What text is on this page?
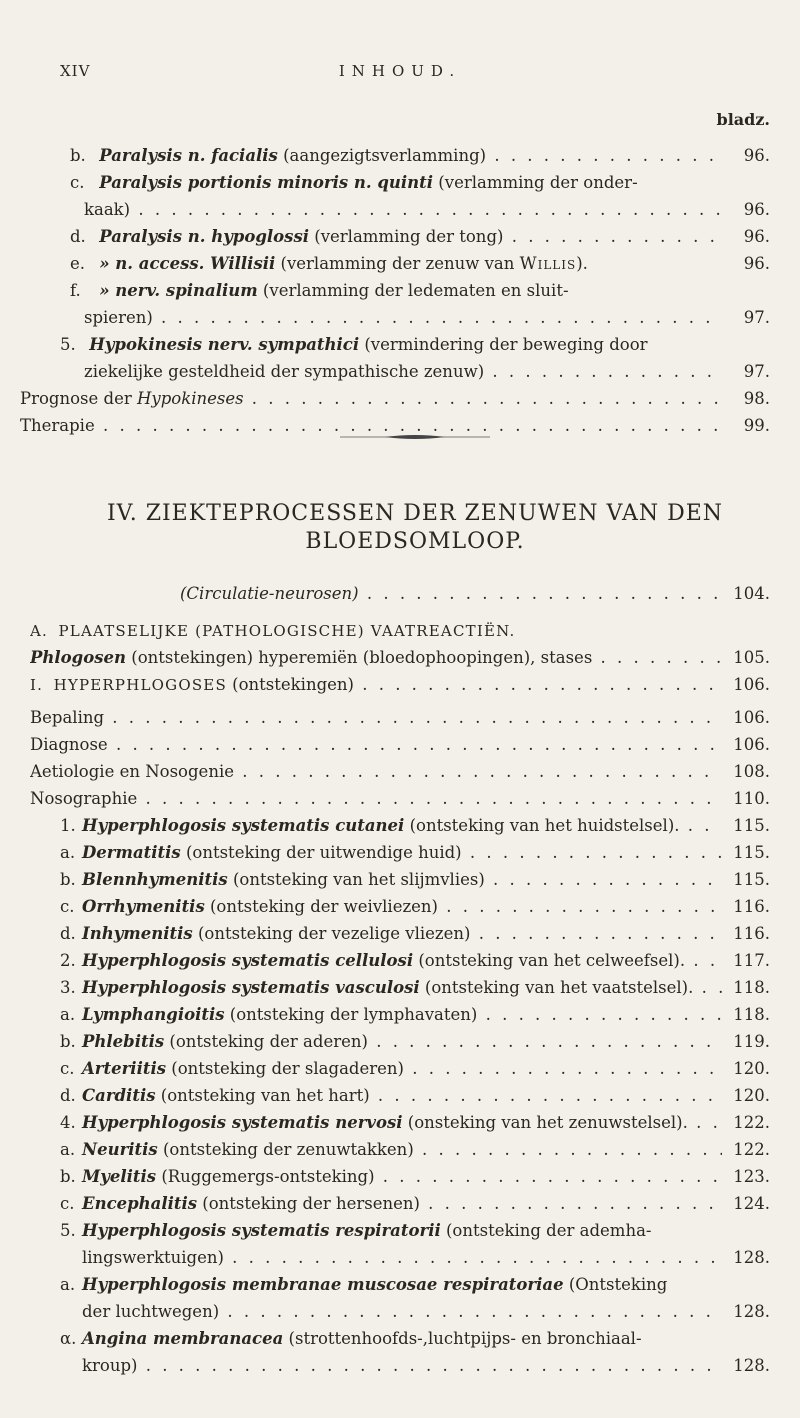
XIV	INHOUD.
bladz.
b. Paralysis n. facialis (aangezigtsverlamming) . . .	96.
c. Paralysis portionis minoris n. quinti (verlamming der onder-
kaak) . . .	96.
d. Paralysis n. hypoglossi (verlamming der tong) . . .	96.
e. » n. access. Willisii (verlamming der zenuw van Willis).	96.
f. » nerv. spinalium (verlamming der ledematen en sluit-
spieren) . . .	97.
5. Hypokinesis nerv. sympathici (vermindering der beweging door
ziekelijke gesteldheid der sympathische zenuw) . . .	97.
Prognose der Hypokineses . . .	98.
Therapie . . .	99.
IV. ZIEKTEPROCESSEN DER ZENUWEN VAN DEN
BLOEDSOMLOOP.
(Circulatie-neurosen) . . .	104.
A. PLAATSELIJKE (PATHOLOGISCHE) VAATREACTIËN.
Phlogosen (ontstekingen) hyperemiën (bloedophoopingen), stases . . .	105.
I. HYPERPHLOGOSES (ontstekingen) . . .	106.
Bepaling . . .	106.
Diagnose . . .	106.
Aetiologie en Nosogenie . . .	108.
Nosographie . . .	110.
1. Hyperphlogosis systematis cutanei (ontsteking van het huidstelsel). . . .	115.
a. Dermatitis (ontsteking der uitwendige huid) . . .	115.
b. Blennhymenitis (ontsteking van het slijmvlies) . . .	115.
c. Orrhymenitis (ontsteking der weivliezen) . . .	116.
d. Inhymenitis (ontsteking der vezelige vliezen) . . .	116.
2. Hyperphlogosis systematis cellulosi (ontsteking van het celweefsel). . . .	117.
3. Hyperphlogosis systematis vasculosi (ontsteking van het vaatstelsel). . . .	118.
a. Lymphangioitis (ontsteking der lymphavaten) . . .	118.
b. Phlebitis (ontsteking der aderen) . . .	119.
c. Arteriitis (ontsteking der slagaderen) . . .	120.
d. Carditis (ontsteking van het hart) . . .	120.
4. Hyperphlogosis systematis nervosi (onsteking van het zenuwstelsel). . . .	122.
a. Neuritis (ontsteking der zenuwtakken) . . .	122.
b. Myelitis (Ruggemergs-ontsteking) . . .	123.
c. Encephalitis (ontsteking der hersenen) . . .	124.
5. Hyperphlogosis systematis respiratorii (ontsteking der ademha-
lingswerktuigen) . . .	128.
a. Hyperphlogosis membranae muscosae respiratoriae (Ontsteking
der luchtwegen) . . .	128.
α. Angina membranacea (strottenhoofds-,luchtpijps- en bronchiaal-
kroup) . . .	128.
